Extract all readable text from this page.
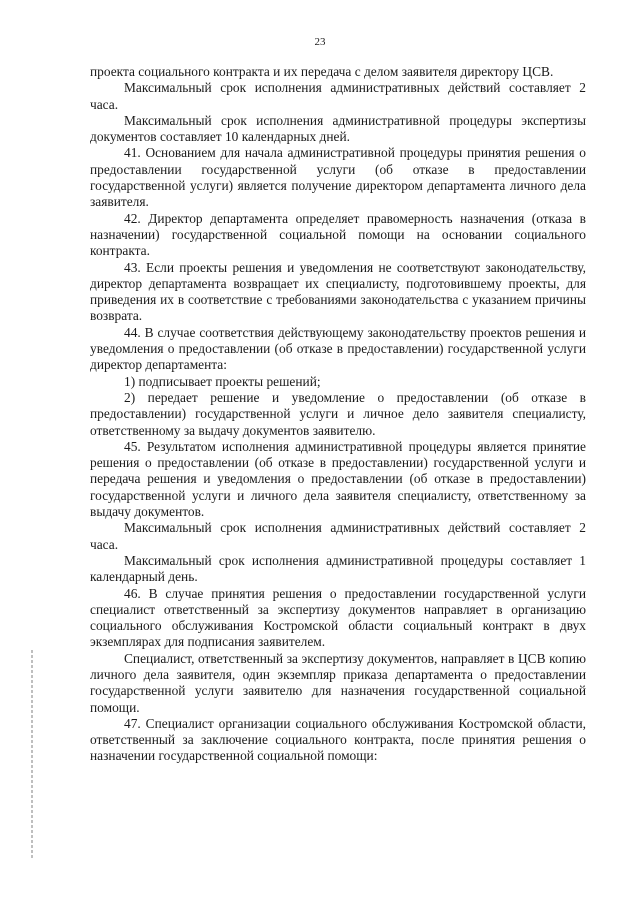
23

проекта социального контракта и их передача с делом заявителя директору ЦСВ.

Максимальный срок исполнения административных действий составляет 2 часа.

Максимальный срок исполнения административной процедуры экспертизы документов составляет 10 календарных дней.

41. Основанием для начала административной процедуры принятия решения о предоставлении государственной услуги (об отказе в предоставлении государственной услуги) является получение директором департамента личного дела заявителя.

42. Директор департамента определяет правомерность назначения (отказа в назначении) государственной социальной помощи на основании социального контракта.

43. Если проекты решения и уведомления не соответствуют законодательству, директор департамента возвращает их специалисту, подготовившему проекты, для приведения их в соответствие с требованиями законодательства с указанием причины возврата.

44. В случае соответствия действующему законодательству проектов решения и уведомления о предоставлении (об отказе в предоставлении) государственной услуги директор департамента:

1) подписывает проекты решений;

2) передает решение и уведомление о предоставлении (об отказе в предоставлении) государственной услуги и личное дело заявителя специалисту, ответственному за выдачу документов заявителю.

45. Результатом исполнения административной процедуры является принятие решения о предоставлении (об отказе в предоставлении) государственной услуги и передача решения и уведомления о предоставлении (об отказе в предоставлении) государственной услуги и личного дела заявителя специалисту, ответственному за выдачу документов.

Максимальный срок исполнения административных действий составляет 2 часа.

Максимальный срок исполнения административной процедуры составляет 1 календарный день.

46. В случае принятия решения о предоставлении государственной услуги специалист ответственный за экспертизу документов направляет в организацию социального обслуживания Костромской области социальный контракт в двух экземплярах для подписания заявителем.

Специалист, ответственный за экспертизу документов, направляет в ЦСВ копию личного дела заявителя, один экземпляр приказа департамента о предоставлении государственной услуги заявителю для назначения государственной социальной помощи.

47. Специалист организации социального обслуживания Костромской области, ответственный за заключение социального контракта, после принятия решения о назначении государственной социальной помощи:
